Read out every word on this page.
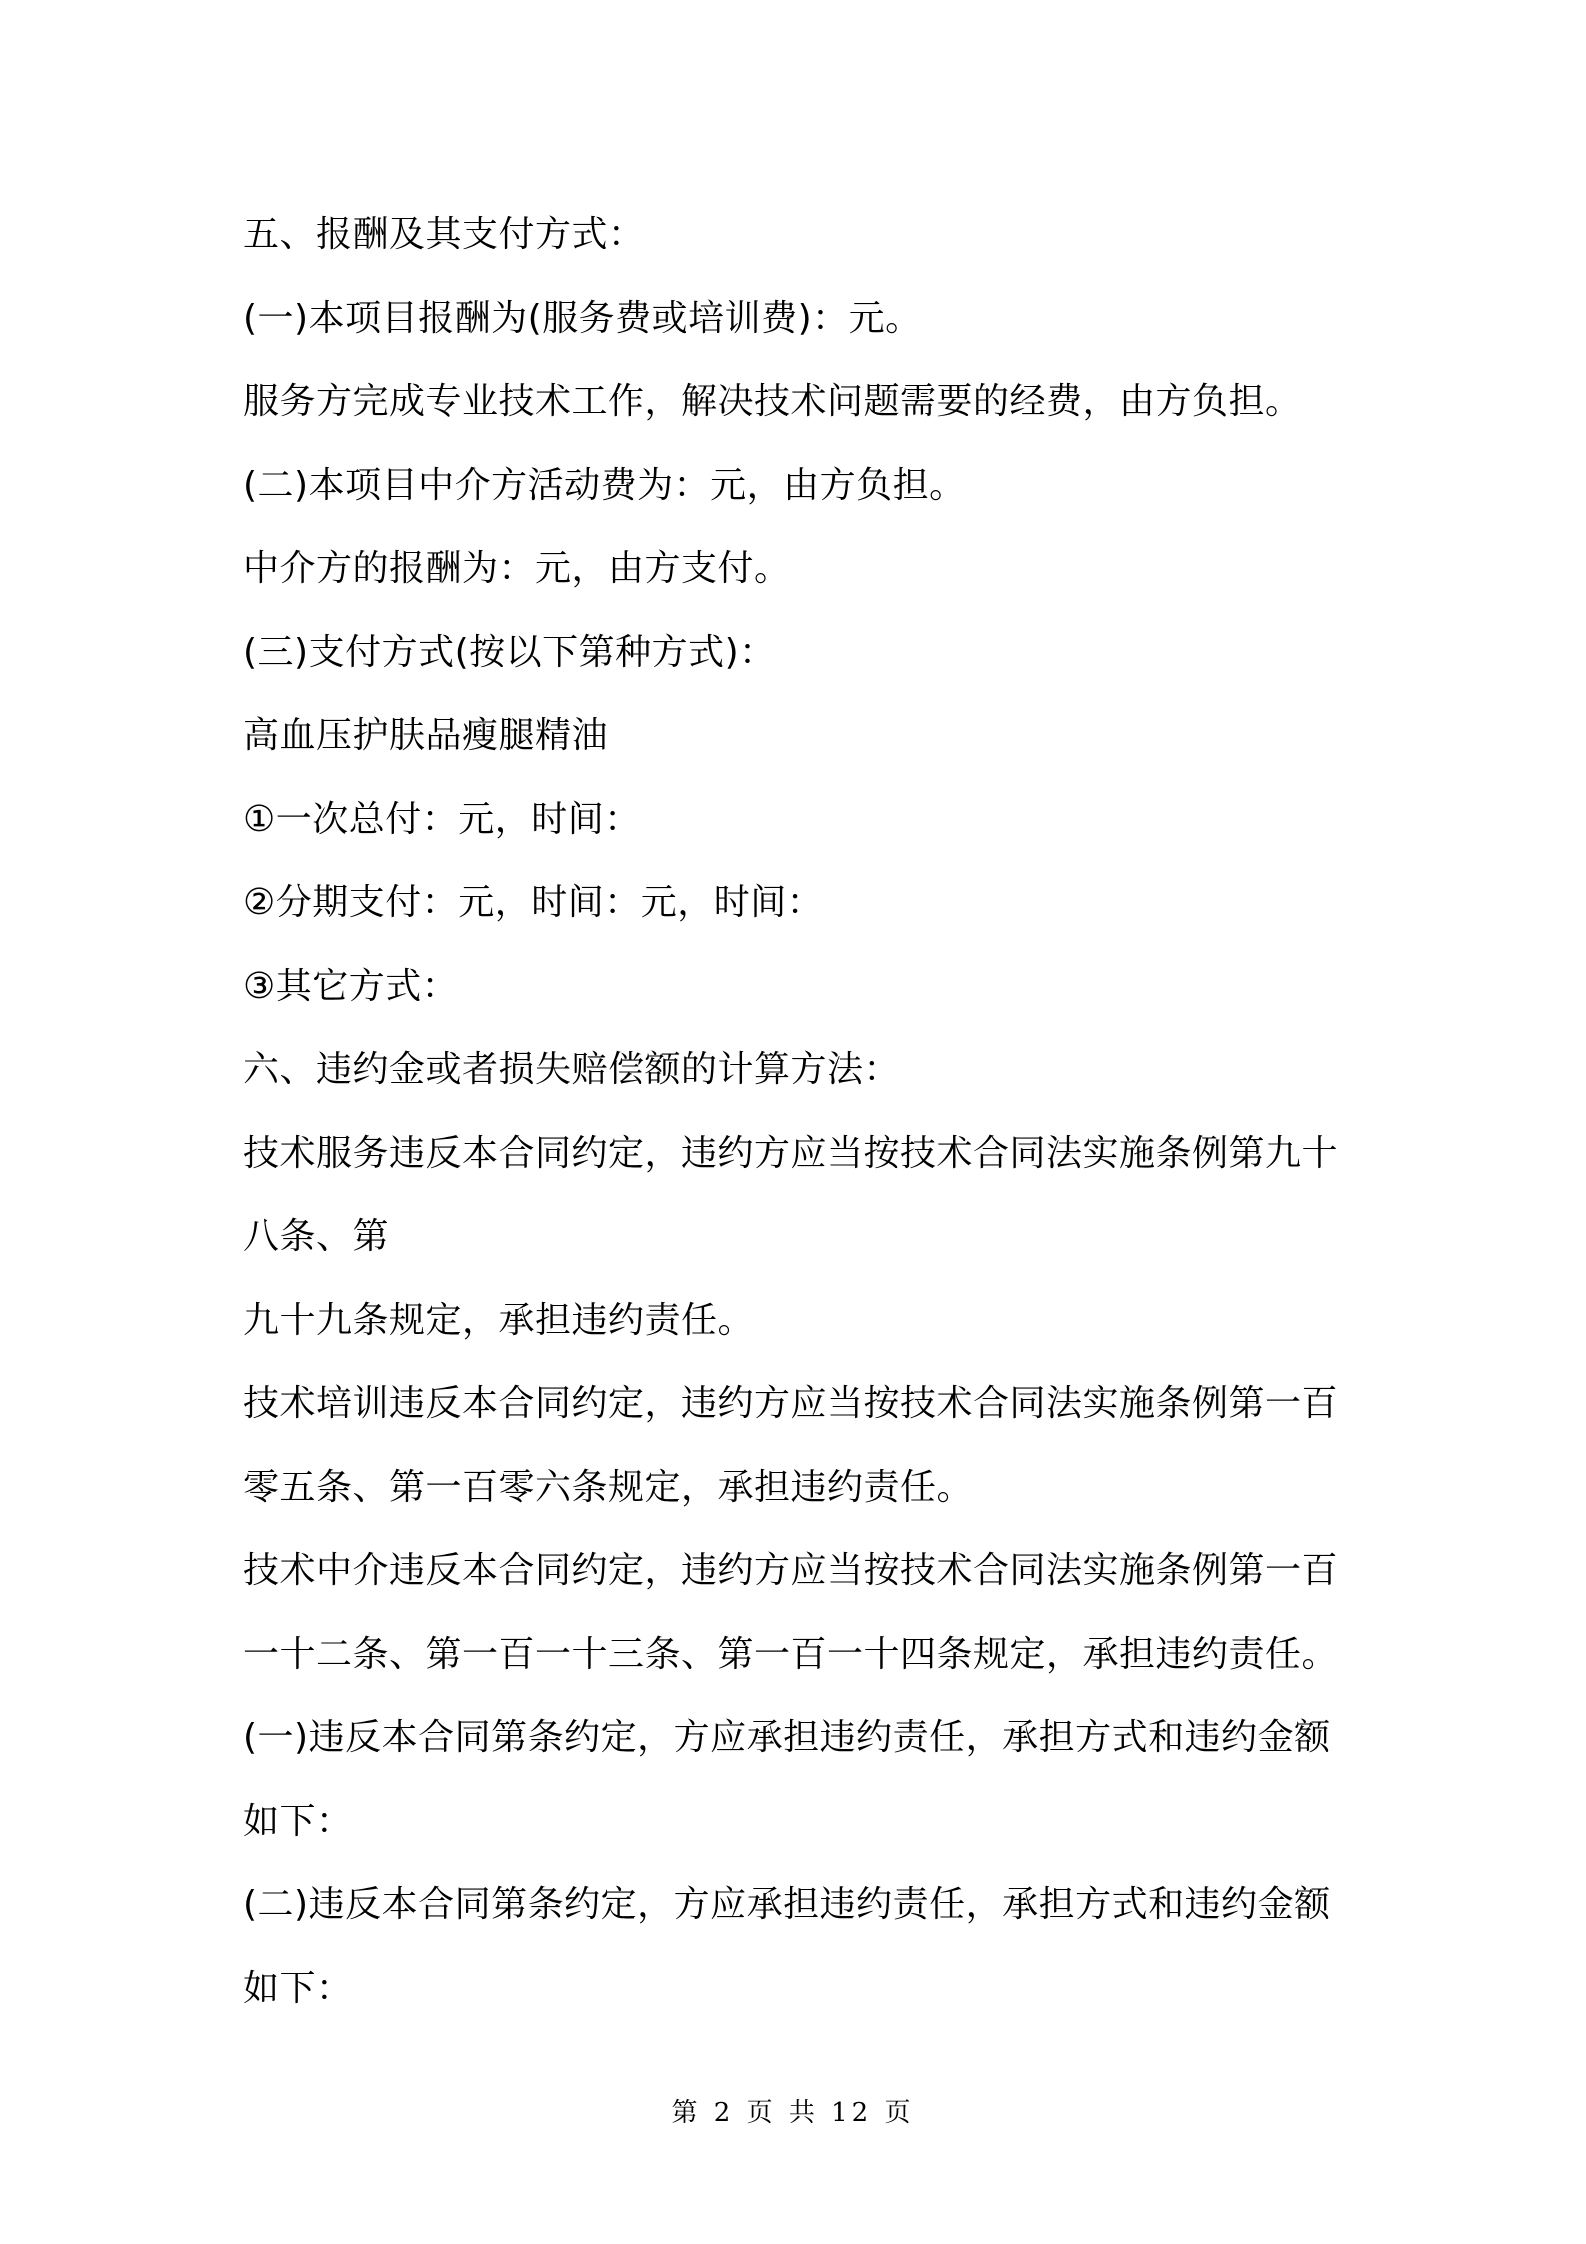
五、报酬及其支付方式：
(一)本项目报酬为(服务费或培训费)：元。
服务方完成专业技术工作，解决技术问题需要的经费，由方负担。
(二)本项目中介方活动费为：元，由方负担。
中介方的报酬为：元，由方支付。
(三)支付方式(按以下第种方式)：
高血压护肤品瘦腿精油
①一次总付：元，时间：
②分期支付：元，时间：元，时间：
③其它方式：
六、违约金或者损失赔偿额的计算方法：
技术服务违反本合同约定，违约方应当按技术合同法实施条例第九十
八条、第
九十九条规定，承担违约责任。
技术培训违反本合同约定，违约方应当按技术合同法实施条例第一百
零五条、第一百零六条规定，承担违约责任。
技术中介违反本合同约定，违约方应当按技术合同法实施条例第一百
一十二条、第一百一十三条、第一百一十四条规定，承担违约责任。
(一)违反本合同第条约定，方应承担违约责任，承担方式和违约金额
如下：
(二)违反本合同第条约定，方应承担违约责任，承担方式和违约金额
如下：
第 2 页 共 12 页
